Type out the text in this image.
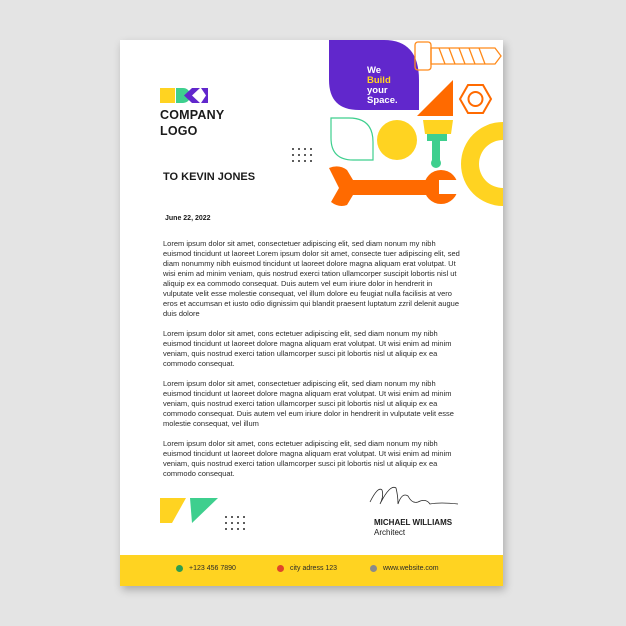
COMPANY
LOGO
TO KEVIN JONES
June 22, 2022
We
Build
your
Space.

Lorem ipsum dolor sit amet, consectetuer adipiscing elit, sed diam nonum my nibh euismod tincidunt ut laoreet Lorem ipsum dolor sit amet, consecte tuer adipiscing elit, sed diam nonummy nibh euismod tincidunt ut laoreet dolore magna aliquam erat volutpat. Ut wisi enim ad minim veniam, quis nostrud exerci tation ullamcorper suscipit lobortis nisl ut aliquip ex ea commodo consequat. Duis autem vel eum iriure dolor in hendrerit in vulputate velit esse molestie consequat, vel illum dolore eu feugiat nulla facilisis at vero eros et accumsan et iusto odio dignissim qui blandit praesent luptatum zzril delenit augue duis dolore

Lorem ipsum dolor sit amet, cons ectetuer adipiscing elit, sed diam nonum my nibh euismod tincidunt ut laoreet dolore magna aliquam erat volutpat. Ut wisi enim ad minim veniam, quis nostrud exerci tation ullamcorper susci pit lobortis nisl ut aliquip ex ea commodo consequat.

Lorem ipsum dolor sit amet, consectetuer adipiscing elit, sed diam nonum my nibh euismod tincidunt ut laoreet dolore magna aliquam erat volutpat. Ut wisi enim ad minim veniam, quis nostrud exerci tation ullamcorper susci pit lobortis nisl ut aliquip ex ea commodo consequat. Duis autem vel eum iriure dolor in hendrerit in vulputate velit esse molestie consequat, vel illum

Lorem ipsum dolor sit amet, cons ectetuer adipiscing elit, sed diam nonum my nibh euismod tincidunt ut laoreet dolore magna aliquam erat volutpat. Ut wisi enim ad minim veniam, quis nostrud exerci tation ullamcorper susci pit lobortis nisl ut aliquip ex ea commodo consequat.

MICHAEL WILLIAMS
Architect
+123 456 7890	city adress 123	www.website.com
